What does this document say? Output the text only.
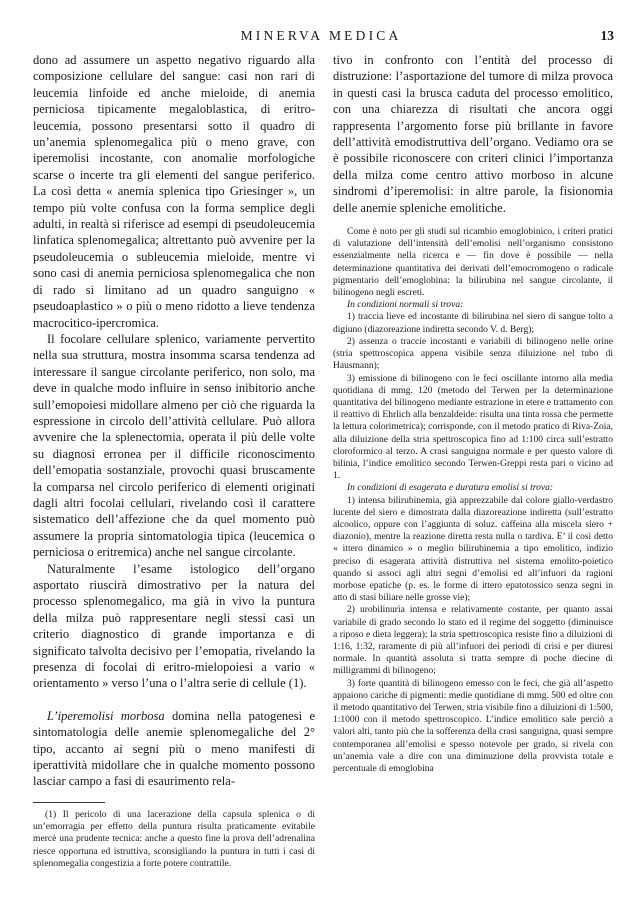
MINERVA MEDICA	13

dono ad assumere un aspetto negativo riguardo alla composizione cellulare del sangue: casi non rari di leucemia linfoide ed anche mieloide, di anemia perniciosa tipicamente megaloblastica, di eritro-leucemia, possono presentarsi sotto il quadro di un’anemia splenomegalica più o meno grave, con iperemolisi incostante, con anomalie morfologiche scarse o incerte tra gli elementi del sangue periferico. La così detta « anemia splenica tipo Griesinger », un tempo più volte confusa con la forma semplice degli adulti, in realtà si riferisce ad esempi di pseudoleucemia linfatica splenomegalica; altrettanto può avvenire per la pseudoleucemia o subleucemia mieloide, mentre vi sono casi di anemia perniciosa splenomegalica che non di rado si limitano ad un quadro sanguigno « pseudoaplastico » o più o meno ridotto a lieve tendenza macrocitico-ipercromica.

Il focolare cellulare splenico, variamente pervertito nella sua struttura, mostra insomma scarsa tendenza ad interessare il sangue circolante periferico, non solo, ma deve in qualche modo influire in senso inibitorio anche sull’emopoiesi midollare almeno per ciò che riguarda la espressione in circolo dell’attività cellulare. Può allora avvenire che la splenectomia, operata il più delle volte su diagnosi erronea per il difficile riconoscimento dell’emopatia sostanziale, provochi quasi bruscamente la comparsa nel circolo periferico di elementi originati dagli altri focolai cellulari, rivelando così il carattere sistematico dell’affezione che da quel momento può assumere la propria sintomatologia tipica (leucemica o perniciosa o eritremica) anche nel sangue circolante.

Naturalmente l’esame istologico dell’organo asportato riuscirà dimostrativo per la natura del processo splenomegalico, ma già in vivo la puntura della milza può rappresentare negli stessi casi un criterio diagnostico di grande importanza e di significato talvolta decisivo per l’emopatia, rivelando la presenza di focolai di eritro-mielopoiesi a vario « orientamento » verso l’una o l’altra serie di cellule (1).

L’iperemolisi morbosa domina nella patogenesi e sintomatologia delle anemie splenomegaliche del 2° tipo, accanto ai segni più o meno manifesti di iperattività midollare che in qualche momento possono lasciar campo a fasi di esaurimento rela-

(1) Il pericolo di una lacerazione della capsula splenica o di un’emorragia per effetto della puntura risulta praticamente evitabile mercè una prudente tecnica: anche a questo fine la prova dell’adrenalina riesce opportuna ed istruttiva, sconsigliando la puntura in tutti i casi di splenomegalia congestizia a forte potere contrattile.

tivo in confronto con l’entità del processo di distruzione: l’asportazione del tumore di milza provoca in questi casi la brusca caduta del processo emolitico, con una chiarezza di risultati che ancora oggi rappresenta l’argomento forse più brillante in favore dell’attività emodistruttiva dell’organo. Vediamo ora se è possibile riconoscere con criteri clinici l’importanza della milza come centro attivo morboso in alcune sindromi d’iperemolisi: in altre parole, la fisionomia delle anemie spleniche emolitiche.

Come è noto per gli studi sul ricambio emoglobinico, i criteri pratici di valutazione dell’intensità dell’emolisi nell’organismo consistono essenzialmente nella ricerca e — fin dove è possibile — nella determinazione quantitativa dei derivati dell’emocromogeno o radicale pigmentario dell’emoglobina: la bilirubina nel sangue circolante, il bilinogeno negli escreti.

In condizioni normali si trova:

1) traccia lieve ed incostante di bilirubina nel siero di sangue tolto a digiuno (diazoreazione indiretta secondo V. d. Berg);

2) assenza o traccie incostanti e variabili di bilinogeno nelle orine (stria spettroscopica appena visibile senza diluizione nel tubo di Hausmann);

3) emissione di bilinogeno con le feci oscillante intorno alla media quotidiana di mmg. 120 (metodo del Terwen per la determinazione quantitativa del bilinogeno mediante estrazione in etere e trattamento con il reattivo di Ehrlich alla benzaldeide: risulta una tinta rossa che permette la lettura colorimetrica); corrisponde, con il metodo pratico di Riva-Zoia, alla diluizione della stria spettroscopica fino ad 1:100 circa sull’estratto cloroformico al terzo. A crasi sanguigna normale e per questo valore di bilinia, l’indice emolitico secondo Terwen-Greppi resta pari o vicino ad 1.

In condizioni di esagerata e duratura emolisi si trova:

1) intensa bilirubinemia, già apprezzabile dal colore giallo-verdastro lucente del siero e dimostrata dalla diazoreazione indiretta (sull’estratto alcoolico, oppure con l’aggiunta di soluz. caffeina alla miscela siero + diazonio), mentre la reazione diretta resta nulla o tardiva. E’ il così detto « ittero dinamico » o meglio bilirubinemia a tipo emolitico, indizio preciso di esagerata attività distruttiva nel sistema emolito-poietico quando si associ agli altri segni d’emolisi ed all’infuori da ragioni morbose epatiche (p. es. le forme di ittero epatotossico senza segni in atto di stasi biliare nelle grosse vie);

2) urobilinuria intensa e relativamente costante, per quanto assai variabile di grado secondo lo stato ed il regime del soggetto (diminuisce a riposo e dieta leggera); la stria spettroscopica resiste fino a diluizioni di 1:16, 1:32, raramente di più all’infuori dei periodi di crisi e per diuresi normale. In quantità assoluta si tratta sempre di poche diecine di milligrammi di bilinogeno;

3) forte quantità di bilinogeno emesso con le feci, che già all’aspetto appaiono cariche di pigmenti: medie quotidiane di mmg. 500 ed oltre con il metodo quantitativo del Terwen, stria visibile fino a diluizioni di 1:500, 1:1000 con il metodo spettroscopico. L’indice emolitico sale perciò a valori alti, tanto più che la sofferenza della crasi sanguigna, quasi sempre contemporanea all’emolisi e spesso notevole per grado, si rivela con un’anemia vale a dire con una diminuzione della provvista totale e percentuale di emoglobina
